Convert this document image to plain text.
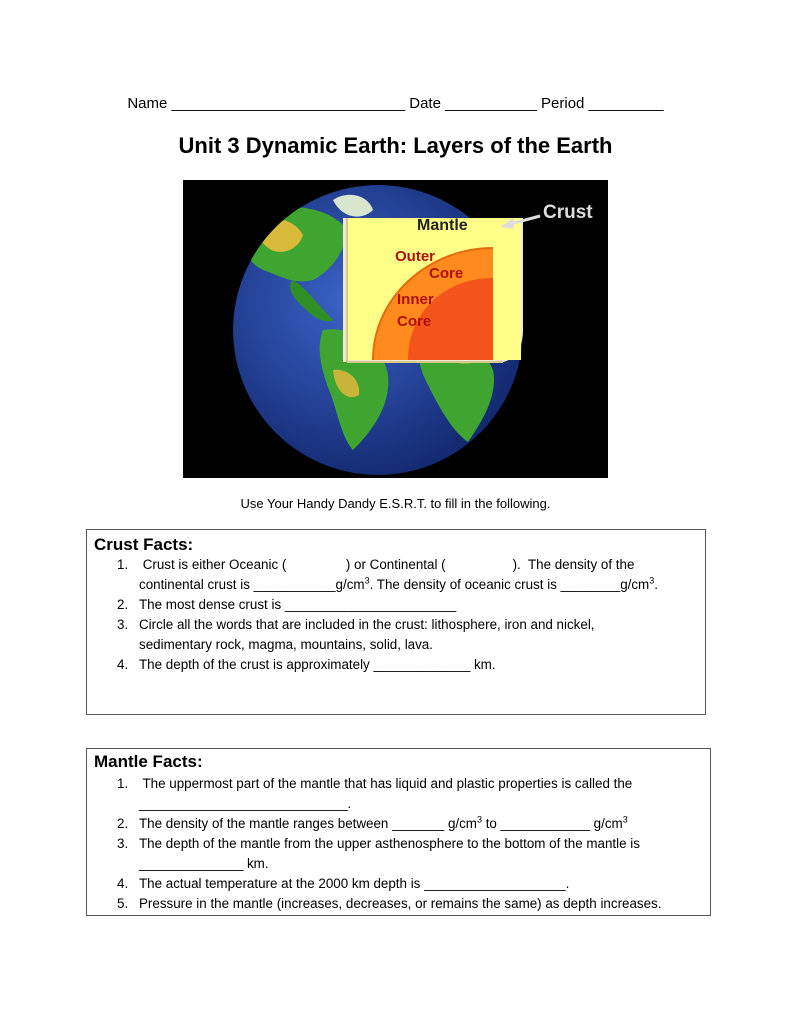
Name ____________________________ Date ___________ Period _________
Unit 3 Dynamic Earth: Layers of the Earth
Crust
Mantle
Outer
Core
Inner
Core
Use Your Handy Dandy E.S.R.T. to fill in the following.
Crust Facts:
1. Crust is either Oceanic (                ) or Continental (                  ).  The density of the
continental crust is $\_\_\_\_\_\_\_\_\_\_\_g/cm^3$. The density of oceanic crust is $\_\_\_\_\_\_\_\_g/cm^3$.
2. The most dense crust is _______________________
3. Circle all the words that are included in the crust: lithosphere, iron and nickel,
sedimentary rock, magma, mountains, solid, lava.
4. The depth of the crust is approximately _____________ km.
Mantle Facts:
1. The uppermost part of the mantle that has liquid and plastic properties is called the
____________________________.
2. The density of the mantle ranges between _______ $g/cm^3$ to ____________ $g/cm^3$
3. The depth of the mantle from the upper asthenosphere to the bottom of the mantle is
______________ km.
4. The actual temperature at the 2000 km depth is ___________________.
5. Pressure in the mantle (increases, decreases, or remains the same) as depth increases.
